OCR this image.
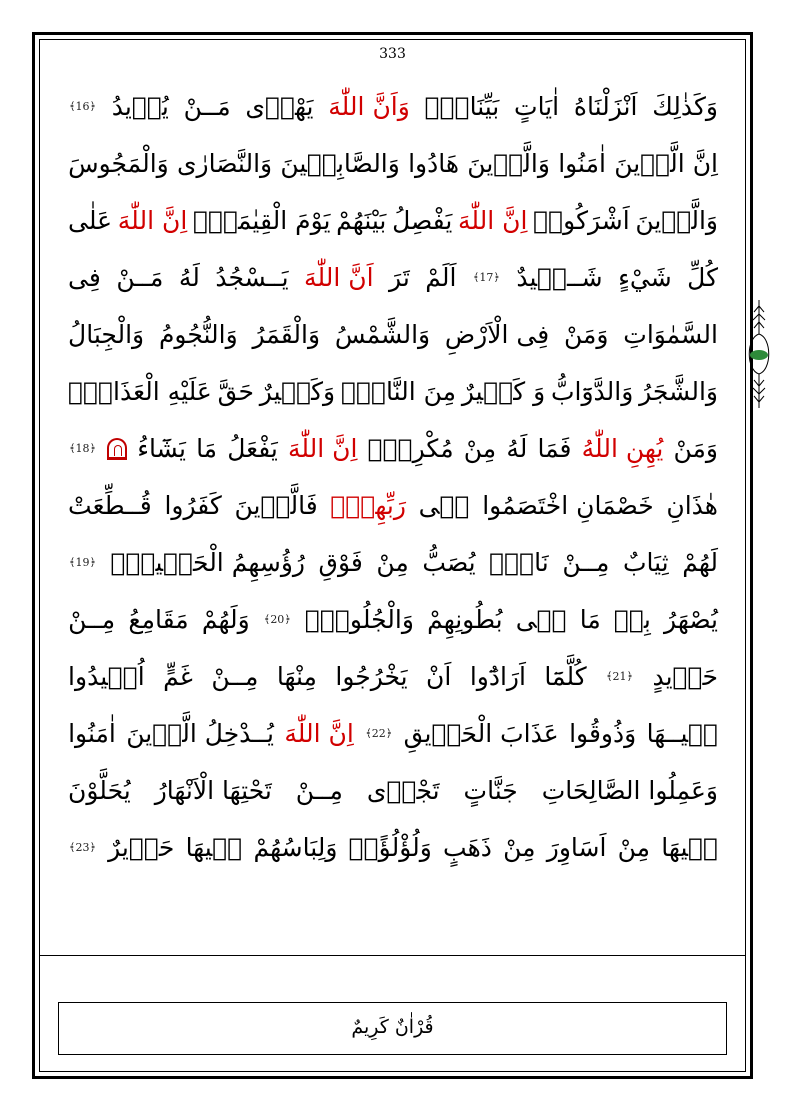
333
وَكَذٰلِكَ
اَنْزَلْنَاهُ
اٰيَاتٍ
بَيِّنَاتٍۙ
وَاَنَّ اللّٰهَ
يَهْدٖى
مَــنْ
يُرٖيدُ
﴿16﴾
اِنَّ الَّذٖينَ
اٰمَنُوا
وَالَّذٖينَ
هَادُوا
وَالصَّابِئٖينَ
وَالنَّصَارٰى
وَالْمَجُوسَ
وَالَّذٖينَ
اَشْرَكُواۗ
اِنَّ اللّٰهَ
يَفْصِلُ
بَيْنَهُمْ
يَوْمَ الْقِيٰمَةِۜ
اِنَّ اللّٰهَ
عَلٰى
كُلِّ
شَيْءٍ
شَــهٖيدٌ
﴿17﴾
اَلَمْ
تَرَ
اَنَّ اللّٰهَ
يَــسْجُدُ
لَهُ
مَــنْ
فِى
السَّمٰوَاتِ
وَمَنْ
فِى الْاَرْضِ
وَالشَّمْسُ
وَالْقَمَرُ
وَالنُّجُومُ
وَالْجِبَالُ
وَالشَّجَرُ
وَالدَّوَٓابُّ
وَ كَثٖيرٌ
مِنَ النَّاسِۜ
وَكَثٖيرٌ
حَقَّ
عَلَيْهِ الْعَذَابُۜ
وَمَنْ
يُهِنِ اللّٰهُ
فَمَا
لَهُ
مِنْ
مُكْرِمٍۜ
اِنَّ اللّٰهَ
يَفْعَلُ
مَا
يَشَٓاءُ
﴿18﴾
هٰذَانِ
خَصْمَانِ اخْتَصَمُوا
فٖى
رَبِّهِمْۘ
فَالَّذٖينَ
كَفَرُوا
قُــطِّعَتْ
لَهُمْ
ثِيَابٌ
مِــنْ
نَارٍۜ
يُصَبُّ
مِنْ
فَوْقِ
رُؤُسِهِمُ الْحَمٖيمُۚ
﴿19﴾
يُصْهَرُ
بِهٖ
مَا
فٖى
بُطُونِهِمْ
وَالْجُلُودُۜ
﴿20﴾
وَلَهُمْ
مَقَامِعُ
مِــنْ
حَدٖيدٍ
﴿21﴾
كُلَّمَٓا
اَرَادُٓوا
اَنْ
يَخْرُجُوا
مِنْهَا
مِــنْ
غَمٍّ
اُعٖيدُوا
فٖيــهَا
وَذُوقُوا
عَذَابَ الْحَرٖيقِ
﴿22﴾
اِنَّ اللّٰهَ
يُــدْخِلُ الَّذٖينَ
اٰمَنُوا
وَعَمِلُوا الصَّالِحَاتِ
جَنَّاتٍ
تَجْرٖى
مِــنْ
تَحْتِهَا الْاَنْهَارُ
يُحَلَّوْنَ
فٖيهَا
مِنْ
اَسَاوِرَ
مِنْ
ذَهَبٍ
وَلُؤْلُؤًاۜ
وَلِبَاسُهُمْ
فٖيهَا
حَرٖيرٌ
﴿23﴾
قُرْاٰنٌ كَرِيمٌ
